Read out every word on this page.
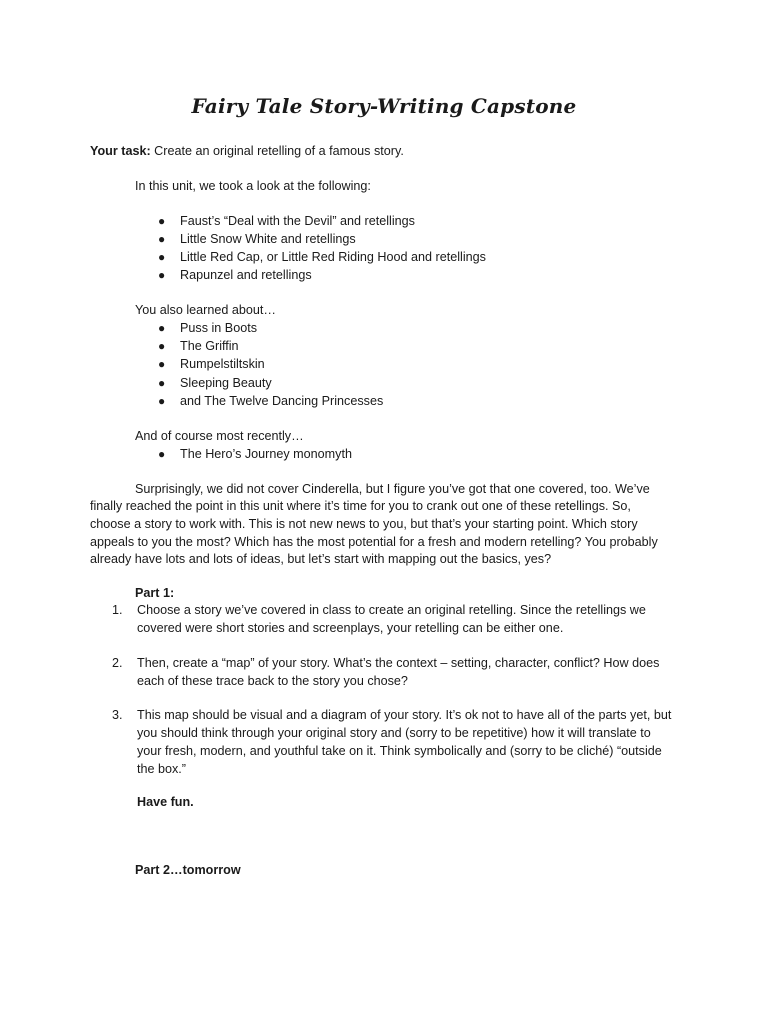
Fairy Tale Story-Writing Capstone
Your task: Create an original retelling of a famous story.
In this unit, we took a look at the following:
● Faust’s “Deal with the Devil” and retellings
● Little Snow White and retellings
● Little Red Cap, or Little Red Riding Hood and retellings
● Rapunzel and retellings
You also learned about…
● Puss in Boots
● The Griffin
● Rumpelstiltskin
● Sleeping Beauty
● and The Twelve Dancing Princesses
And of course most recently…
● The Hero’s Journey monomyth
Surprisingly, we did not cover Cinderella, but I figure you’ve got that one covered, too. We’ve
finally reached the point in this unit where it’s time for you to crank out one of these retellings. So,
choose a story to work with. This is not new news to you, but that’s your starting point. Which story
appeals to you the most? Which has the most potential for a fresh and modern retelling? You probably
already have lots and lots of ideas, but let’s start with mapping out the basics, yes?
Part 1:
1. Choose a story we’ve covered in class to create an original retelling. Since the retellings we
covered were short stories and screenplays, your retelling can be either one.
2. Then, create a “map” of your story. What’s the context – setting, character, conflict? How does
each of these trace back to the story you chose?
3. This map should be visual and a diagram of your story. It’s ok not to have all of the parts yet, but
you should think through your original story and (sorry to be repetitive) how it will translate to
your fresh, modern, and youthful take on it. Think symbolically and (sorry to be cliché) “outside
the box.”
Have fun.
Part 2…tomorrow
